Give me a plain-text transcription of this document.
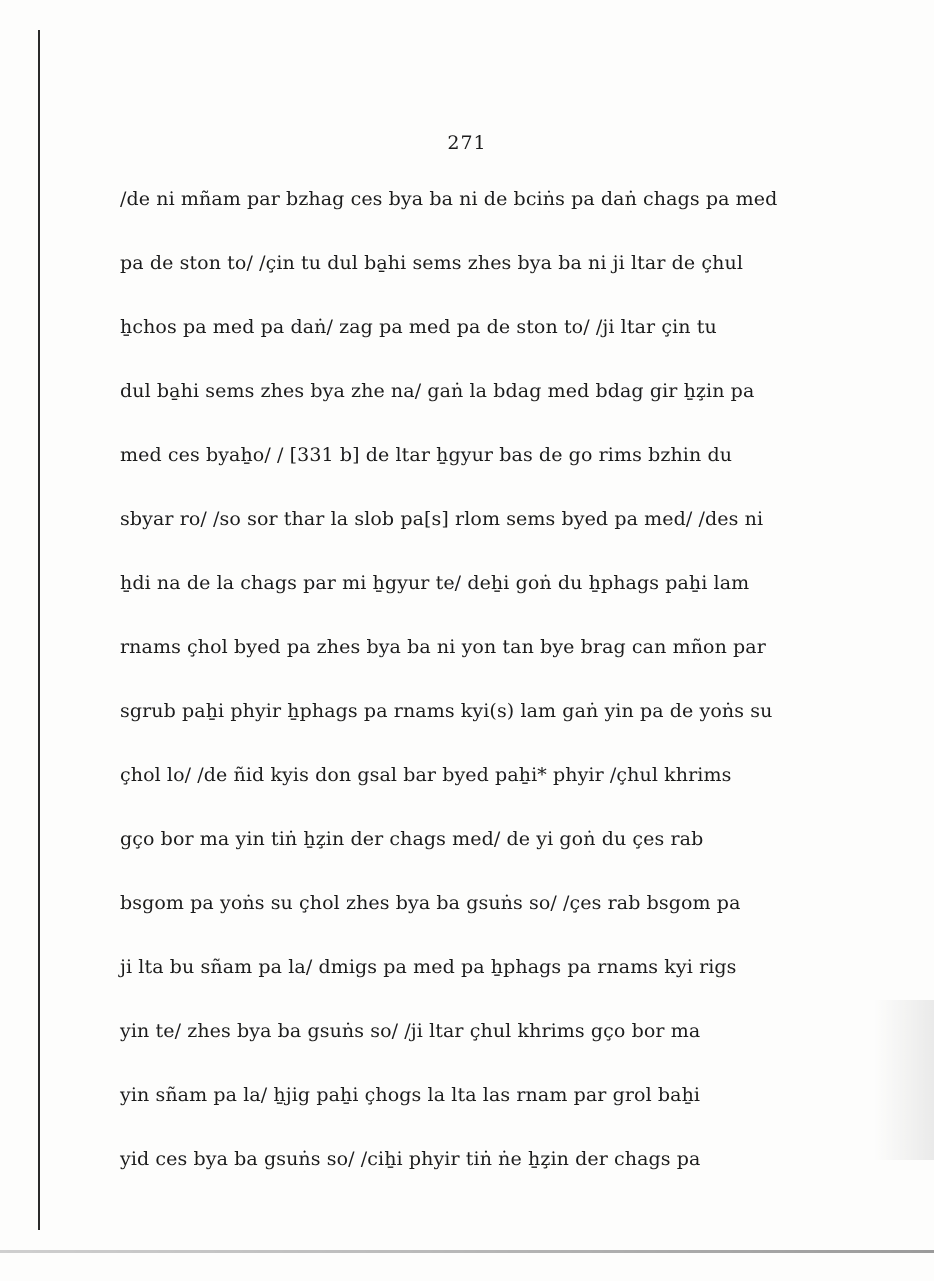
271
/de ni mñam par bzhag ces bya ba ni de bciṅs pa daṅ chags pa med
pa de ston to/ /çin tu dul ba̱hi sems zhes bya ba ni ji ltar de çhul
ẖchos pa med pa daṅ/ zag pa med pa de ston to/ /ji ltar çin tu
dul ba̱hi sems zhes bya zhe na/ gaṅ la bdag med bdag gir ẖz̧in pa
med ces byaẖo/ / [331 b] de ltar ẖgyur bas de go rims bzhin du
sbyar ro/ /so sor thar la slob pa[s] rlom sems byed pa med/ /des ni
ẖdi na de la chags par mi ẖgyur te/ deẖi goṅ du ẖphags paẖi lam
rnams çhol byed pa zhes bya ba ni yon tan bye brag can mñon par
sgrub paẖi phyir ẖphags pa rnams kyi(s) lam gaṅ yin pa de yoṅs su
çhol lo/ /de ñid kyis don gsal bar byed paẖi* phyir /çhul khrims
gço bor ma yin tiṅ ẖz̧in der chags med/ de yi goṅ du çes rab
bsgom pa yoṅs su çhol zhes bya ba gsuṅs so/ /çes rab bsgom pa
ji lta bu sñam pa la/ dmigs pa med pa ẖphags pa rnams kyi rigs
yin te/ zhes bya ba gsuṅs so/ /ji ltar çhul khrims gço bor ma
yin sñam pa la/ ẖjig paẖi çhogs la lta las rnam par grol baẖi
yid ces bya ba gsuṅs so/ /ciẖi phyir tiṅ ṅe ẖz̧in der chags pa
